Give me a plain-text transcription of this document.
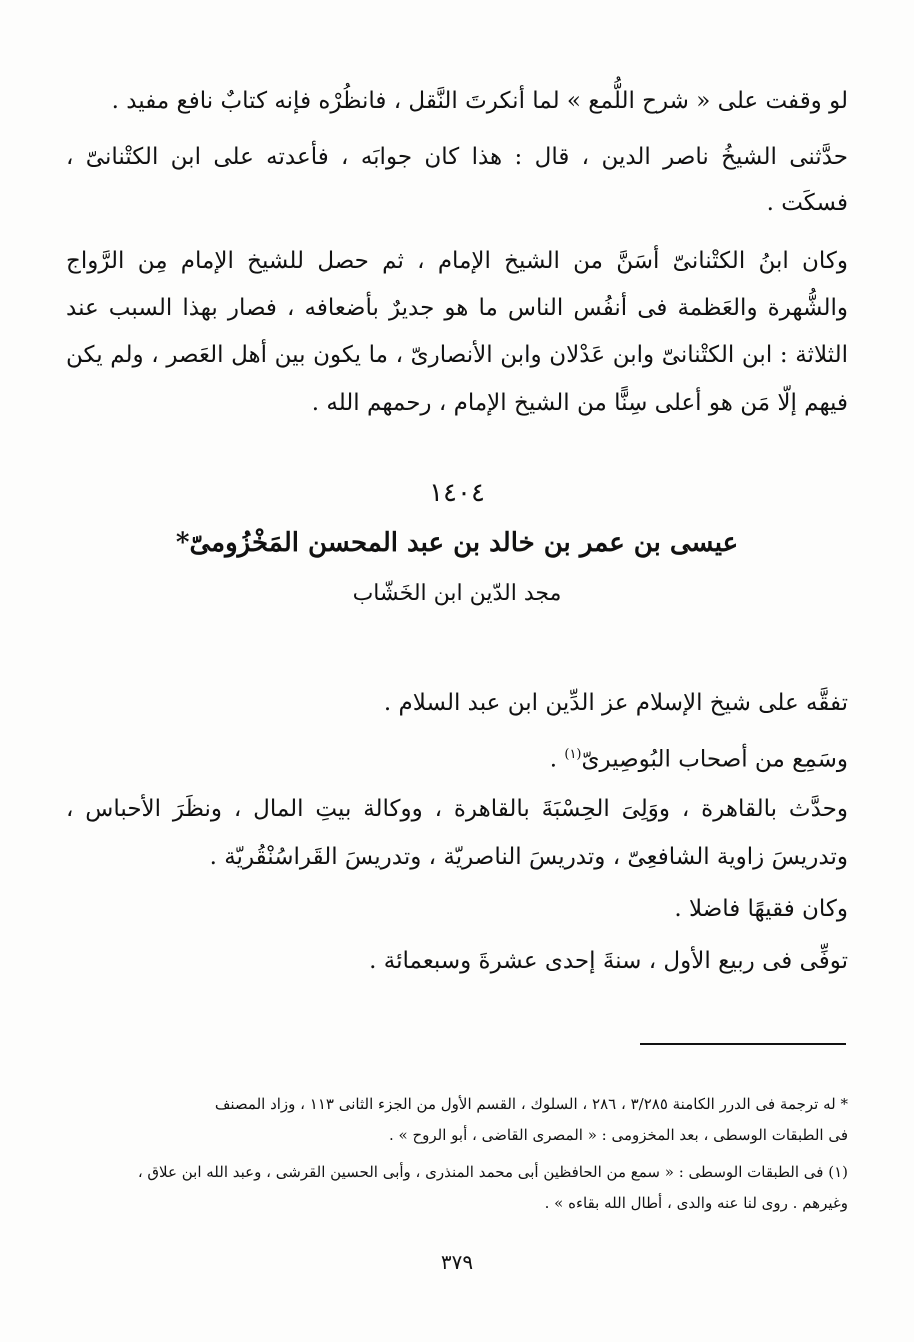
لو وقفت على « شرح اللُّمع » لما أنكرتَ النَّقل ، فانظُرْه فإنه كتابٌ نافع مفيد .
حدَّثنى الشيخُ ناصر الدين ، قال : هذا كان جوابَه ، فأعدته على ابن الكتْنانىّ ،
فسكَت .
وكان ابنُ الكتْنانىّ أسَنَّ من الشيخ الإمام ، ثم حصل للشيخ الإمام مِن الرَّواج
والشُّهرة والعَظمة فى أنفُس الناس ما هو جديرٌ بأضعافه ، فصار بهذا السبب عند
الثلاثة : ابن الكتْنانىّ وابن عَدْلان وابن الأنصارىّ ، ما يكون بين أهل العَصر ، ولم يكن
فيهم إلّا مَن هو أعلى سِنًّا من الشيخ الإمام ، رحمهم الله .
١٤٠٤
عيسى بن عمر بن خالد بن عبد المحسن المَخْزُومىّ*
مجد الدّين ابن الخَشّاب
تفقَّه على شيخ الإسلام عز الدِّين ابن عبد السلام .
وسَمِع من أصحاب البُوصِيرىّ$^{(١)}$ .
وحدَّث بالقاهرة ، ووَلِىَ الحِسْبَةَ بالقاهرة ، ووكالة بيتِ المال ، ونظَرَ الأحباس ،
وتدريسَ زاوية الشافعِىّ ، وتدريسَ الناصريّة ، وتدريسَ القَراسُنْقُريّة .
وكان فقيهًا فاضلا .
توفِّى فى ربيع الأول ، سنةَ إحدى عشرةَ وسبعمائة .
* له ترجمة فى الدرر الكامنة ٣/٢٨٥ ، ٢٨٦ ، السلوك ، القسم الأول من الجزء الثانى ١١٣ ، وزاد المصنف
فى الطبقات الوسطى ، بعد المخزومى : « المصرى القاضى ، أبو الروح » .
(١) فى الطبقات الوسطى : « سمع من الحافظين أبى محمد المنذرى ، وأبى الحسين القرشى ، وعبد الله ابن علاق ،
وغيرهم . روى لنا عنه والدى ، أطال الله بقاءه » .
٣٧٩
